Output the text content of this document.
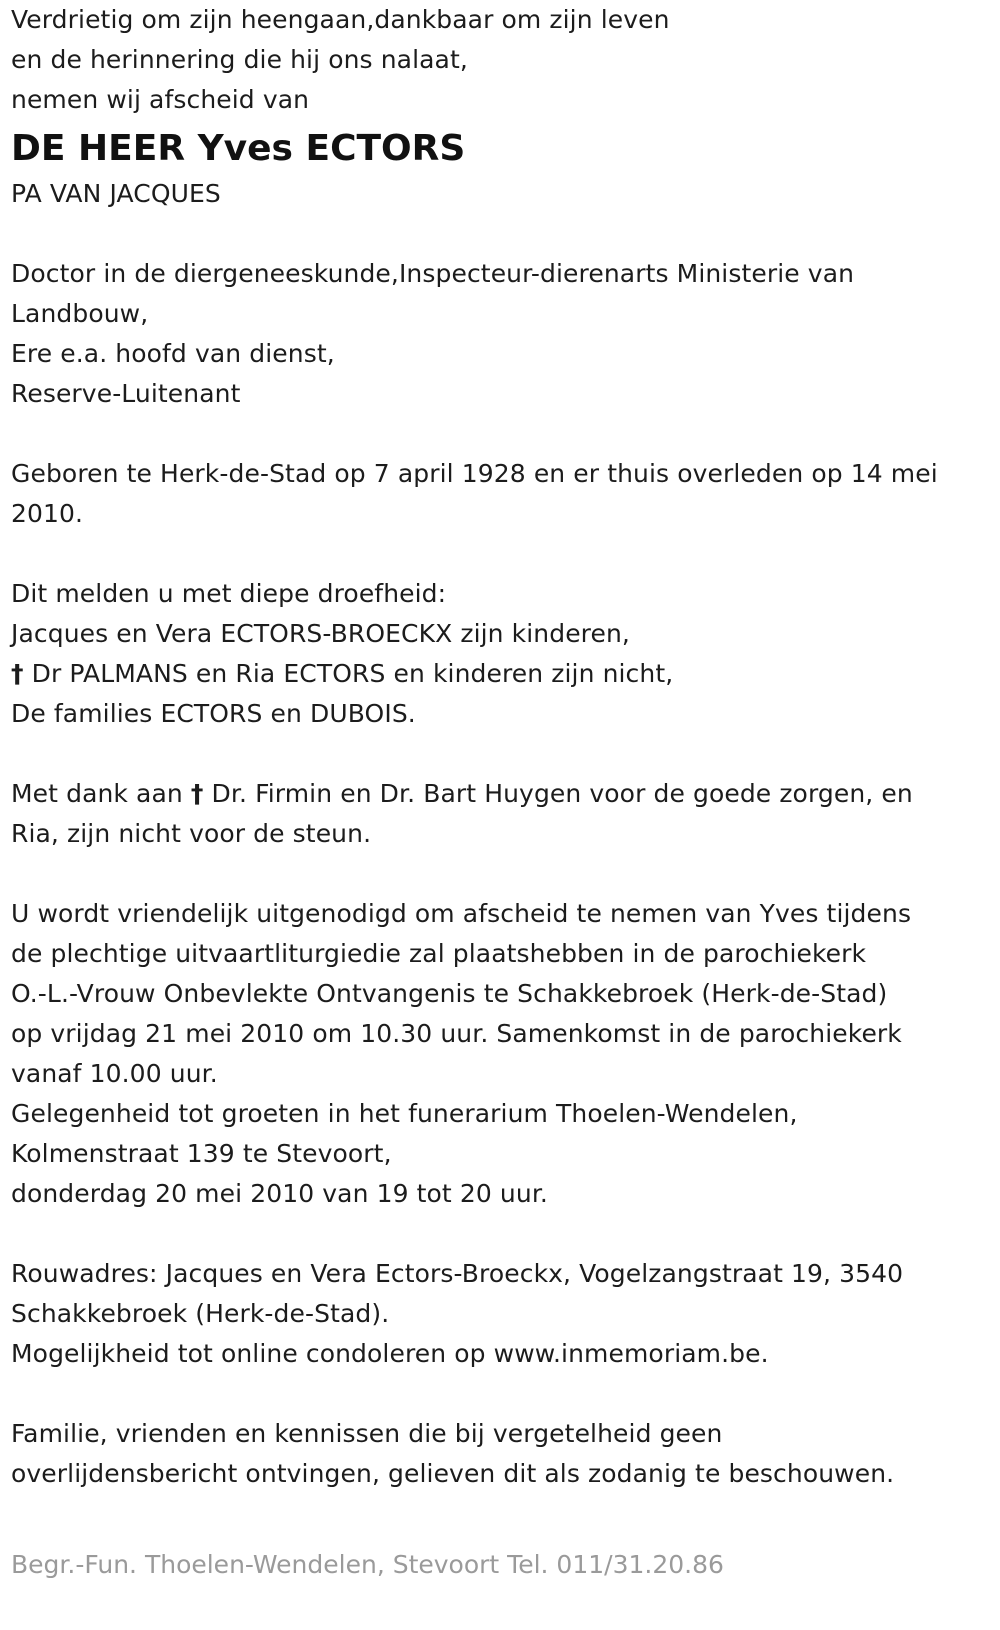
Verdrietig om zijn heengaan,dankbaar om zijn leven
en de herinnering die hij ons nalaat,
nemen wij afscheid van
DE HEER Yves ECTORS
PA VAN JACQUES
Doctor in de diergeneeskunde,Inspecteur-dierenarts Ministerie van
Landbouw,
Ere e.a. hoofd van dienst,
Reserve-Luitenant
Geboren te Herk-de-Stad op 7 april 1928 en er thuis overleden op 14 mei
2010.
Dit melden u met diepe droefheid:
Jacques en Vera ECTORS-BROECKX zijn kinderen,
† Dr PALMANS en Ria ECTORS en kinderen zijn nicht,
De families ECTORS en DUBOIS.
Met dank aan † Dr. Firmin en Dr. Bart Huygen voor de goede zorgen, en
Ria, zijn nicht voor de steun.
U wordt vriendelijk uitgenodigd om afscheid te nemen van Yves tijdens
de plechtige uitvaartliturgiedie zal plaatshebben in de parochiekerk
O.-L.-Vrouw Onbevlekte Ontvangenis te Schakkebroek (Herk-de-Stad)
op vrijdag 21 mei 2010 om 10.30 uur. Samenkomst in de parochiekerk
vanaf 10.00 uur.
Gelegenheid tot groeten in het funerarium Thoelen-Wendelen,
Kolmenstraat 139 te Stevoort,
donderdag 20 mei 2010 van 19 tot 20 uur.
Rouwadres: Jacques en Vera Ectors-Broeckx, Vogelzangstraat 19, 3540
Schakkebroek (Herk-de-Stad).
Mogelijkheid tot online condoleren op www.inmemoriam.be.
Familie, vrienden en kennissen die bij vergetelheid geen
overlijdensbericht ontvingen, gelieven dit als zodanig te beschouwen.
Begr.-Fun. Thoelen-Wendelen, Stevoort Tel. 011/31.20.86
